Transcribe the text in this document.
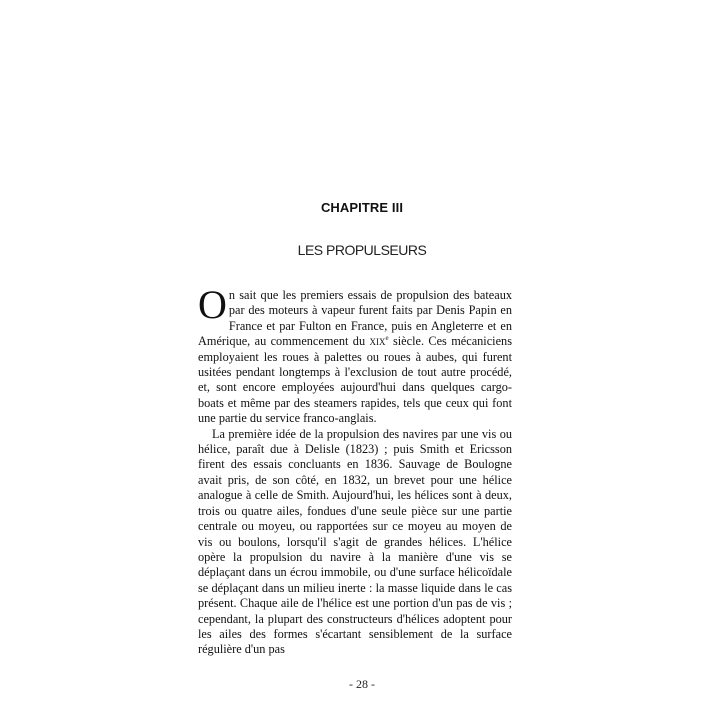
CHAPITRE III
LES PROPULSEURS

On sait que les premiers essais de propulsion des bateaux par des moteurs à vapeur furent faits par Denis Papin en France et par Fulton en France, puis en Angleterre et en Amérique, au commencement du xix$^e$ siècle. Ces mécaniciens employaient les roues à palettes ou roues à aubes, qui furent usitées pendant longtemps à l'exclusion de tout autre procédé, et, sont encore employées aujourd'hui dans quelques cargo-boats et même par des steamers rapides, tels que ceux qui font une partie du service franco-anglais.

La première idée de la propulsion des navires par une vis ou hélice, paraît due à Delisle (1823) ; puis Smith et Ericsson firent des essais concluants en 1836. Sauvage de Boulogne avait pris, de son côté, en 1832, un brevet pour une hélice analogue à celle de Smith. Aujourd'hui, les hélices sont à deux, trois ou quatre ailes, fondues d'une seule pièce sur une partie centrale ou moyeu, ou rapportées sur ce moyeu au moyen de vis ou boulons, lorsqu'il s'agit de grandes hélices. L'hélice opère la propulsion du navire à la manière d'une vis se déplaçant dans un écrou immobile, ou d'une surface hélicoïdale se déplaçant dans un milieu inerte : la masse liquide dans le cas présent. Chaque aile de l'hélice est une portion d'un pas de vis ; cependant, la plupart des constructeurs d'hélices adoptent pour les ailes des formes s'écartant sensiblement de la surface régulière d'un pas

- 28 -
